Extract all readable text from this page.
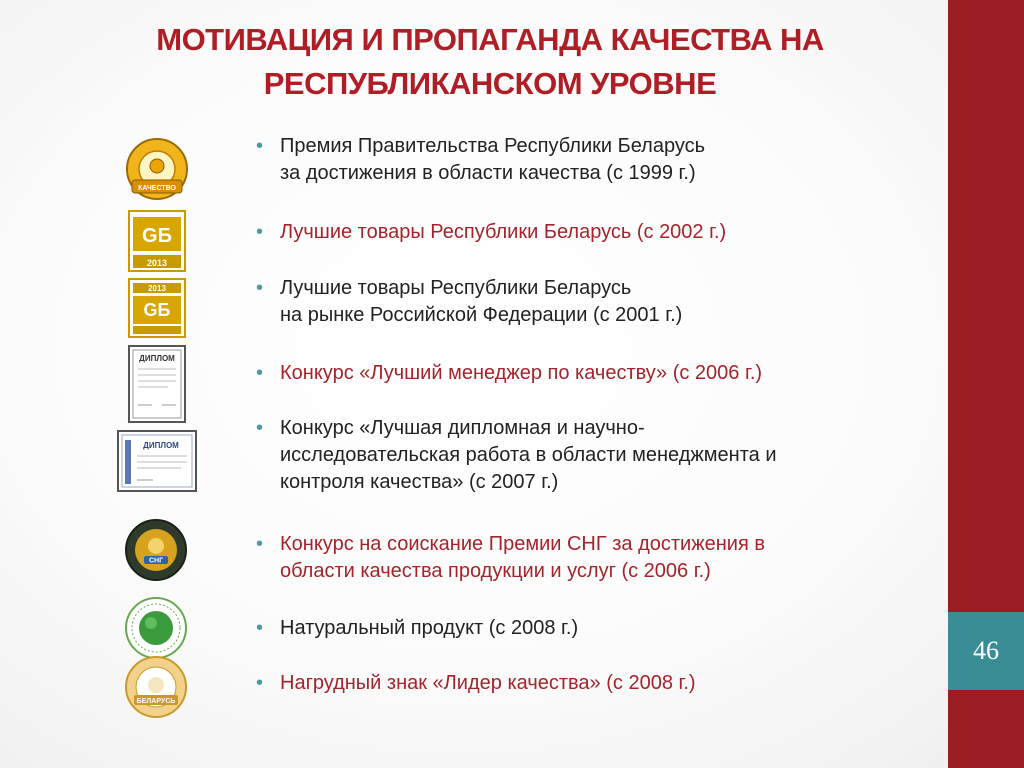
46
МОТИВАЦИЯ И ПРОПАГАНДА КАЧЕСТВА НА
РЕСПУБЛИКАНСКОМ УРОВНЕ
КАЧЕСТВО
GБ
2013
2013
GБ
ДИПЛОМ
ДИПЛОМ
СНГ
БЕЛАРУСЬ
• Премия Правительства Республики Беларусь
за достижения в области качества (с 1999 г.)
• Лучшие товары Республики Беларусь (с 2002 г.)
• Лучшие товары Республики Беларусь
на рынке Российской Федерации (с 2001 г.)
• Конкурс «Лучший менеджер по качеству» (с 2006 г.)
• Конкурс «Лучшая дипломная и научно-
исследовательская работа в области менеджмента и
контроля качества» (с 2007 г.)
• Конкурс на соискание Премии СНГ за достижения в
области качества продукции и услуг (с 2006 г.)
• Натуральный продукт (с 2008 г.)
• Нагрудный знак «Лидер качества» (с 2008 г.)
